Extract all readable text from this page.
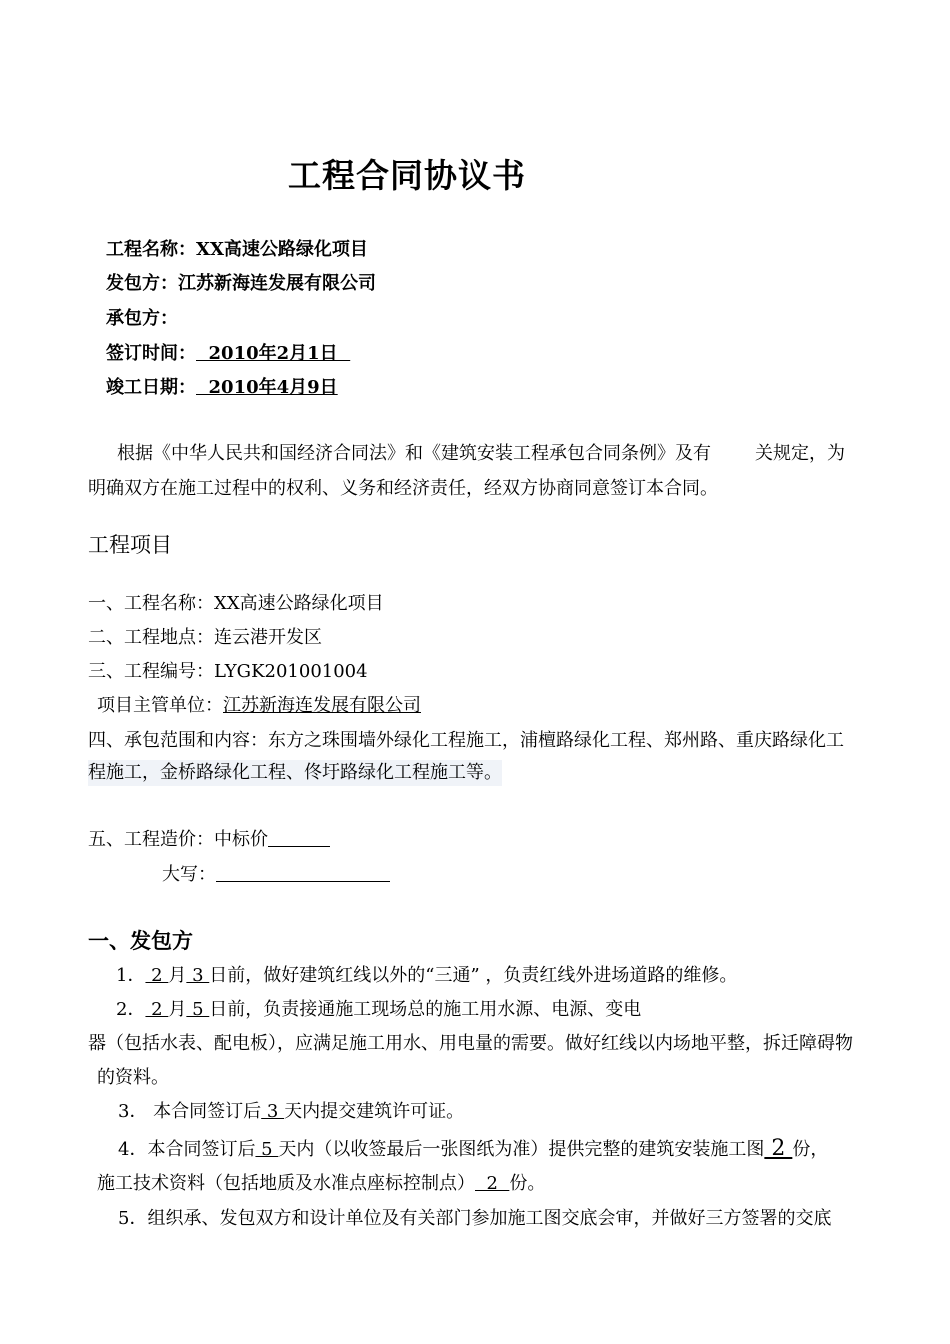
工程合同协议书
工程名称：XX高速公路绿化项目
发包方：江苏新海连发展有限公司
承包方：
签订时间：  2010年2月1日
竣工日期：  2010年4月9日
根据《中华人民共和国经济合同法》和《建筑安装工程承包合同条例》及有 关规定，为
明确双方在施工过程中的权利、义务和经济责任，经双方协商同意签订本合同。
工程项目
一、工程名称：XX高速公路绿化项目
二、工程地点：连云港开发区
三、工程编号：LYGK201001004
项目主管单位：江苏新海连发展有限公司
四、承包范围和内容：东方之珠围墙外绿化工程施工，浦檀路绿化工程、郑州路、重庆路绿化工
程施工，金桥路绿化工程、佟圩路绿化工程施工等。
五、工程造价：中标价
大写：
一、发包方
1． 2 月 3 日前，做好建筑红线以外的“三通” ，负责红线外进场道路的维修。
2． 2 月 5 日前，负责接通施工现场总的施工用水源、电源、变电
器（包括水表、配电板），应满足施工用水、用电量的需要。做好红线以内场地平整，拆迁障碍物
的资料。
3． 本合同签订后 3 天内提交建筑许可证。
4．本合同签订后 5 天内（以收签最后一张图纸为准）提供完整的建筑安装施工图 2 份，
施工技术资料（包括地质及水准点座标控制点）  2  份。
5．组织承、发包双方和设计单位及有关部门参加施工图交底会审，并做好三方签署的交底
